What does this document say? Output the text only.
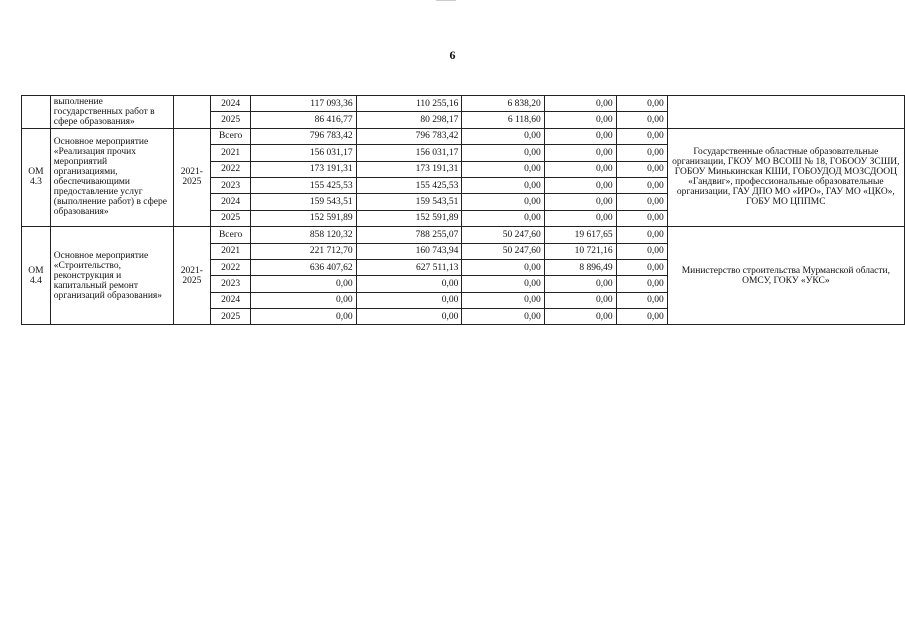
6
	выполнение государственных работ в сфере образования»		2024	117 093,36	110 255,16	6 838,20	0,00	0,00	
			2025	86 416,77	80 298,17	6 118,60	0,00	0,00	
ОМ 4.3	Основное мероприятие «Реализация прочих мероприятий организациями, обеспечивающими предоставление услуг (выполнение работ) в сфере образования»	2021-2025	Всего	796 783,42	796 783,42	0,00	0,00	0,00	Государственные областные образовательные организации, ГКОУ МО ВСОШ № 18, ГОБООУ ЗСШИ, ГОБОУ Минькинская КШИ, ГОБОУДОД МОЗСДООЦ «Гандвиг», профессиональные образовательные организации, ГАУ ДПО МО «ИРО», ГАУ МО «ЦКО», ГОБУ МО ЦППМС
			2021	156 031,17	156 031,17	0,00	0,00	0,00	
			2022	173 191,31	173 191,31	0,00	0,00	0,00	
			2023	155 425,53	155 425,53	0,00	0,00	0,00	
			2024	159 543,51	159 543,51	0,00	0,00	0,00	
			2025	152 591,89	152 591,89	0,00	0,00	0,00	
ОМ 4.4	Основное мероприятие «Строительство, реконструкция и капитальный ремонт организаций образования»	2021-2025	Всего	858 120,32	788 255,07	50 247,60	19 617,65	0,00	Министерство строительства Мурманской области, ОМСУ, ГОКУ «УКС»
			2021	221 712,70	160 743,94	50 247,60	10 721,16	0,00	
			2022	636 407,62	627 511,13	0,00	8 896,49	0,00	
			2023	0,00	0,00	0,00	0,00	0,00	
			2024	0,00	0,00	0,00	0,00	0,00	
			2025	0,00	0,00	0,00	0,00	0,00	
